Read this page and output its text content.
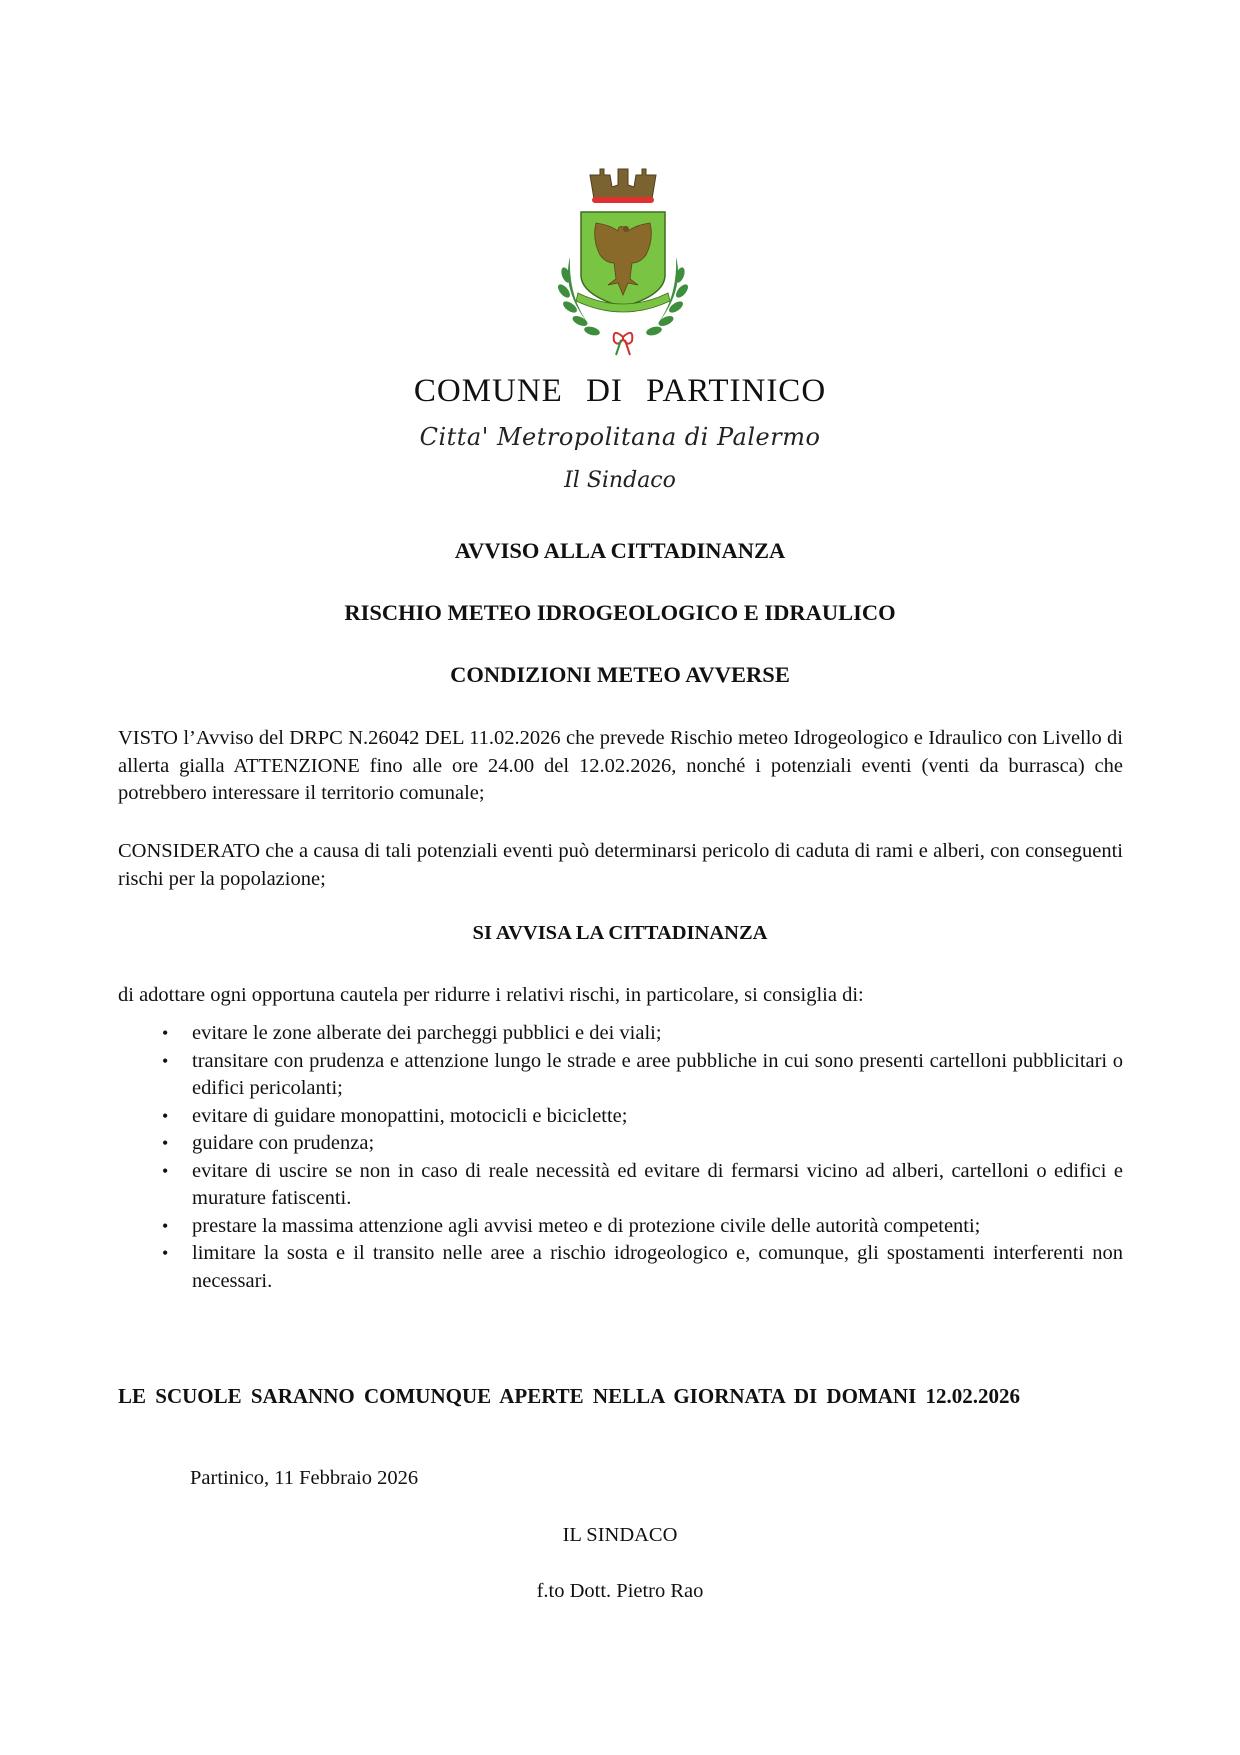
COMUNE DI PARTINICO
Citta' Metropolitana di Palermo
Il Sindaco
AVVISO ALLA CITTADINANZA
RISCHIO METEO IDROGEOLOGICO E IDRAULICO
CONDIZIONI METEO AVVERSE
VISTO l’Avviso del DRPC N.26042 DEL 11.02.2026 che prevede Rischio meteo Idrogeologico e Idraulico con Livello di allerta gialla ATTENZIONE fino alle ore 24.00 del 12.02.2026, nonché i potenziali eventi (venti da burrasca) che potrebbero interessare il territorio comunale;
CONSIDERATO che a causa di tali potenziali eventi può determinarsi pericolo di caduta di rami e alberi, con conseguenti rischi per la popolazione;
SI AVVISA LA CITTADINANZA
di adottare ogni opportuna cautela per ridurre i relativi rischi, in particolare, si consiglia di:
• evitare le zone alberate dei parcheggi pubblici e dei viali;
• transitare con prudenza e attenzione lungo le strade e aree pubbliche in cui sono presenti cartelloni pubblicitari o edifici pericolanti;
• evitare di guidare monopattini, motocicli e biciclette;
• guidare con prudenza;
• evitare di uscire se non in caso di reale necessità ed evitare di fermarsi vicino ad alberi, cartelloni o edifici e murature fatiscenti.
• prestare la massima attenzione agli avvisi meteo e di protezione civile delle autorità competenti;
• limitare la sosta e il transito nelle aree a rischio idrogeologico e, comunque, gli spostamenti interferenti non necessari.
LE SCUOLE SARANNO COMUNQUE APERTE NELLA GIORNATA DI DOMANI 12.02.2026
Partinico, 11 Febbraio 2026
IL SINDACO
f.to Dott. Pietro Rao
